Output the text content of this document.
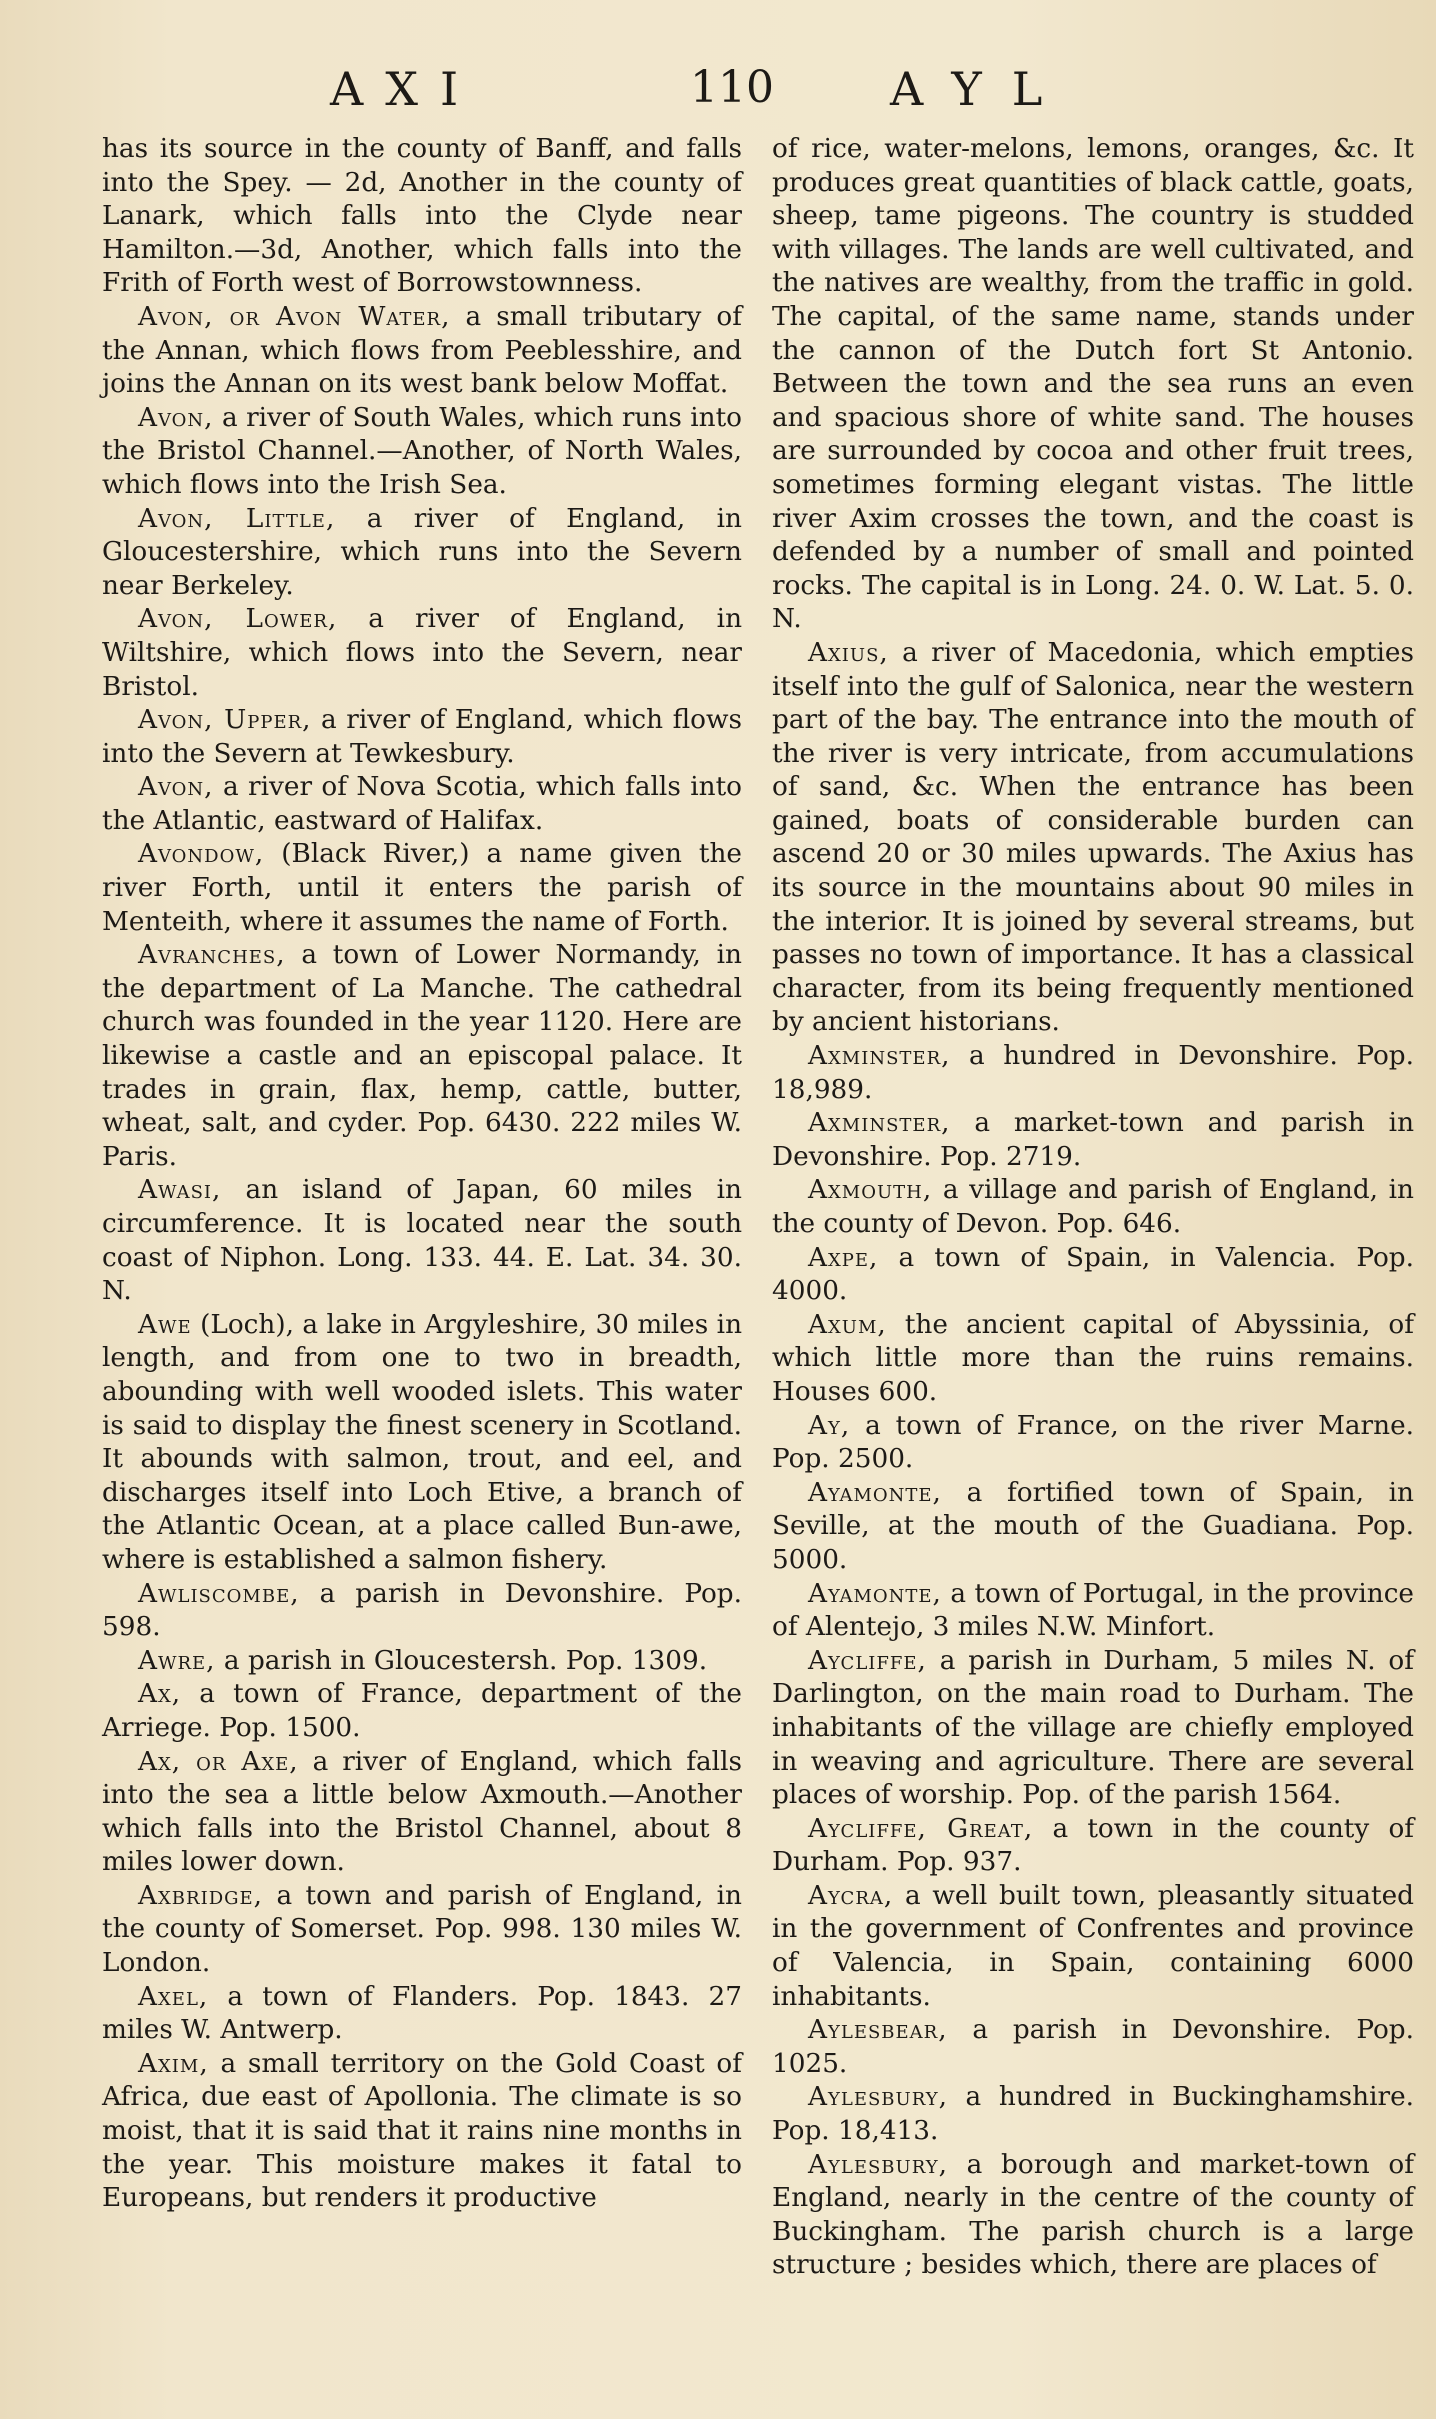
AXI	110	AYL

has its source in the county of Banff, and falls into the Spey. — 2d, Another in the county of Lanark, which falls into the Clyde near Hamilton.—3d, Another, which falls into the Frith of Forth west of Borrowstownness.

Avon, or Avon Water, a small tributary of the Annan, which flows from Peeblesshire, and joins the Annan on its west bank below Moffat.

Avon, a river of South Wales, which runs into the Bristol Channel.—Another, of North Wales, which flows into the Irish Sea.

Avon, Little, a river of England, in Gloucestershire, which runs into the Severn near Berkeley.

Avon, Lower, a river of England, in Wiltshire, which flows into the Severn, near Bristol.

Avon, Upper, a river of England, which flows into the Severn at Tewkesbury.

Avon, a river of Nova Scotia, which falls into the Atlantic, eastward of Halifax.

Avondow, (Black River,) a name given the river Forth, until it enters the parish of Menteith, where it assumes the name of Forth.

Avranches, a town of Lower Normandy, in the department of La Manche. The cathedral church was founded in the year 1120. Here are likewise a castle and an episcopal palace. It trades in grain, flax, hemp, cattle, butter, wheat, salt, and cyder. Pop. 6430. 222 miles W. Paris.

Awasi, an island of Japan, 60 miles in circumference. It is located near the south coast of Niphon. Long. 133. 44. E. Lat. 34. 30. N.

Awe (Loch), a lake in Argyleshire, 30 miles in length, and from one to two in breadth, abounding with well wooded islets. This water is said to display the finest scenery in Scotland. It abounds with salmon, trout, and eel, and discharges itself into Loch Etive, a branch of the Atlantic Ocean, at a place called Bun-awe, where is established a salmon fishery.

Awliscombe, a parish in Devonshire. Pop. 598.

Awre, a parish in Gloucestersh. Pop. 1309.

Ax, a town of France, department of the Arriege. Pop. 1500.

Ax, or Axe, a river of England, which falls into the sea a little below Axmouth.—Another which falls into the Bristol Channel, about 8 miles lower down.

Axbridge, a town and parish of England, in the county of Somerset. Pop. 998. 130 miles W. London.

Axel, a town of Flanders. Pop. 1843. 27 miles W. Antwerp.

Axim, a small territory on the Gold Coast of Africa, due east of Apollonia. The climate is so moist, that it is said that it rains nine months in the year. This moisture makes it fatal to Europeans, but renders it productive

of rice, water-melons, lemons, oranges, &c. It produces great quantities of black cattle, goats, sheep, tame pigeons. The country is studded with villages. The lands are well cultivated, and the natives are wealthy, from the traffic in gold. The capital, of the same name, stands under the cannon of the Dutch fort St Antonio. Between the town and the sea runs an even and spacious shore of white sand. The houses are surrounded by cocoa and other fruit trees, sometimes forming elegant vistas. The little river Axim crosses the town, and the coast is defended by a number of small and pointed rocks. The capital is in Long. 24. 0. W. Lat. 5. 0. N.

Axius, a river of Macedonia, which empties itself into the gulf of Salonica, near the western part of the bay. The entrance into the mouth of the river is very intricate, from accumulations of sand, &c. When the entrance has been gained, boats of considerable burden can ascend 20 or 30 miles upwards. The Axius has its source in the mountains about 90 miles in the interior. It is joined by several streams, but passes no town of importance. It has a classical character, from its being frequently mentioned by ancient historians.

Axminster, a hundred in Devonshire. Pop. 18,989.

Axminster, a market-town and parish in Devonshire. Pop. 2719.

Axmouth, a village and parish of England, in the county of Devon. Pop. 646.

Axpe, a town of Spain, in Valencia. Pop. 4000.

Axum, the ancient capital of Abyssinia, of which little more than the ruins remains. Houses 600.

Ay, a town of France, on the river Marne. Pop. 2500.

Ayamonte, a fortified town of Spain, in Seville, at the mouth of the Guadiana. Pop. 5000.

Ayamonte, a town of Portugal, in the province of Alentejo, 3 miles N.W. Minfort.

Aycliffe, a parish in Durham, 5 miles N. of Darlington, on the main road to Durham. The inhabitants of the village are chiefly employed in weaving and agriculture. There are several places of worship. Pop. of the parish 1564.

Aycliffe, Great, a town in the county of Durham. Pop. 937.

Aycra, a well built town, pleasantly situated in the government of Confrentes and province of Valencia, in Spain, containing 6000 inhabitants.

Aylesbear, a parish in Devonshire. Pop. 1025.

Aylesbury, a hundred in Buckinghamshire. Pop. 18,413.

Aylesbury, a borough and market-town of England, nearly in the centre of the county of Buckingham. The parish church is a large structure ; besides which, there are places of
